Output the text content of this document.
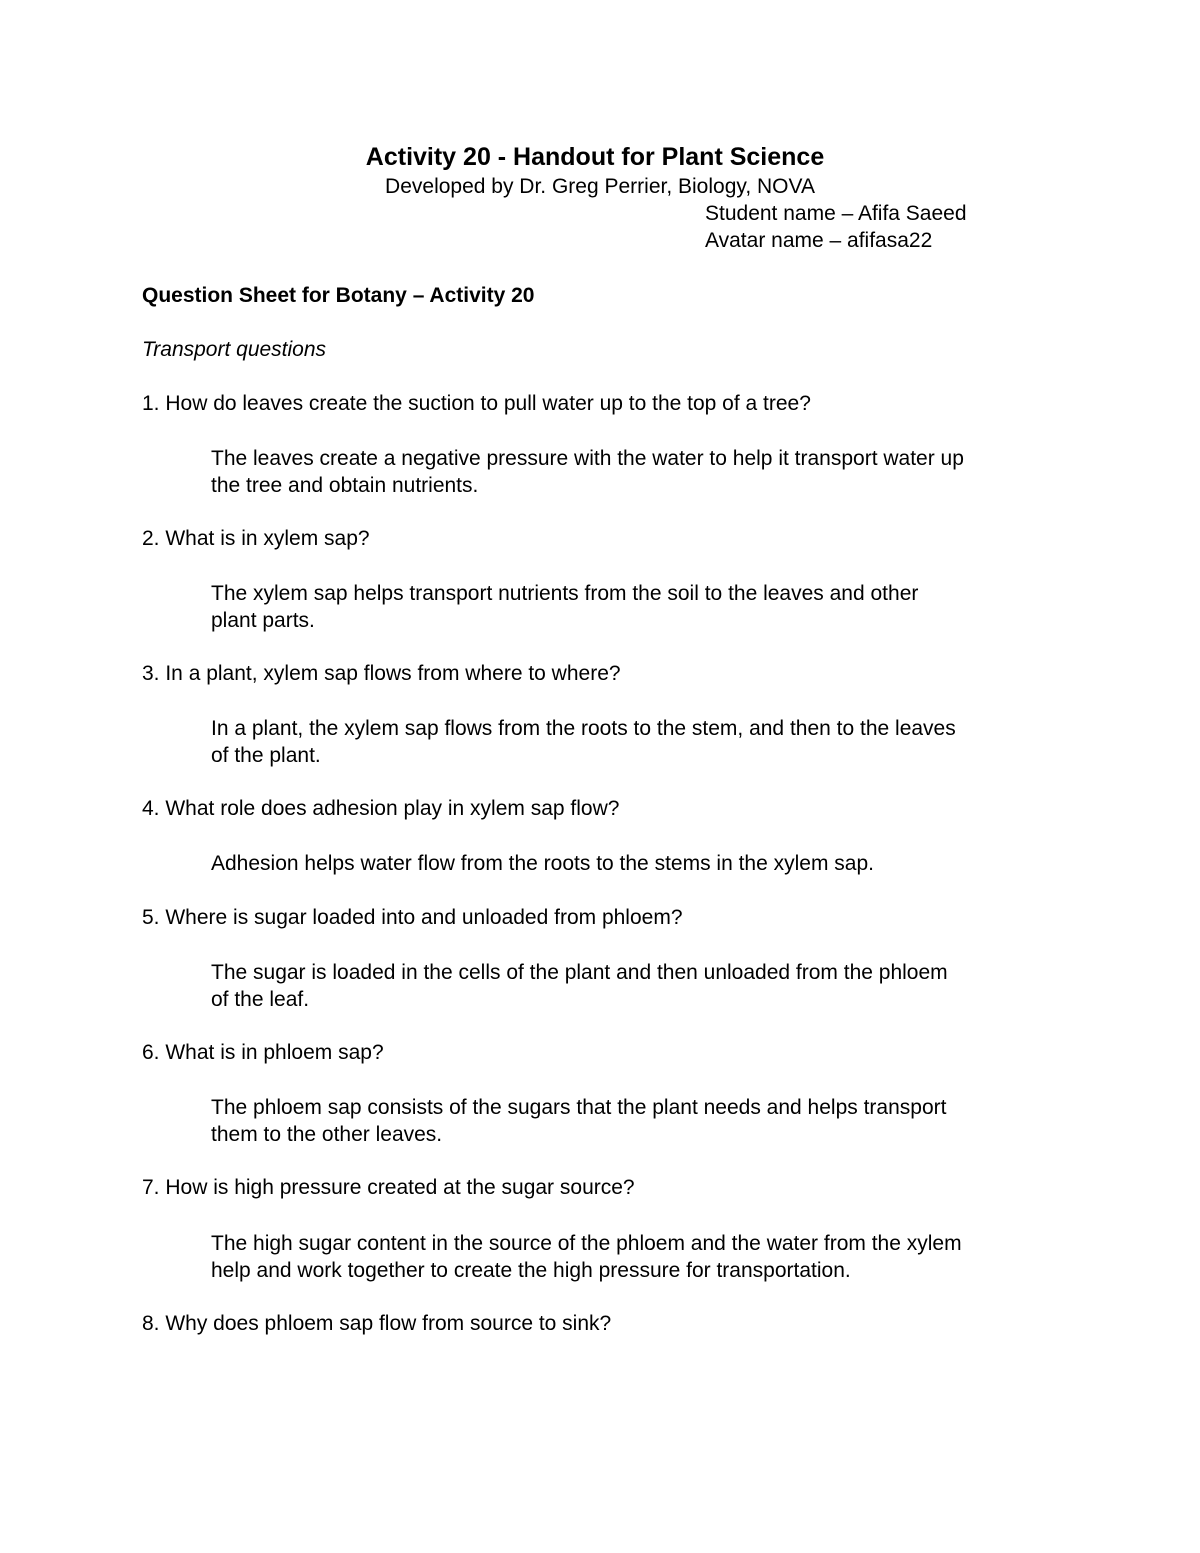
Activity 20 - Handout for Plant Science
Developed by Dr. Greg Perrier, Biology, NOVA
Student name – Afifa Saeed
Avatar name – afifasa22
Question Sheet for Botany – Activity 20
Transport questions
1. How do leaves create the suction to pull water up to the top of a tree?
The leaves create a negative pressure with the water to help it transport water up
the tree and obtain nutrients.
2. What is in xylem sap?
The xylem sap helps transport nutrients from the soil to the leaves and other
plant parts.
3. In a plant, xylem sap flows from where to where?
In a plant, the xylem sap flows from the roots to the stem, and then to the leaves
of the plant.
4. What role does adhesion play in xylem sap flow?
Adhesion helps water flow from the roots to the stems in the xylem sap.
5. Where is sugar loaded into and unloaded from phloem?
The sugar is loaded in the cells of the plant and then unloaded from the phloem
of the leaf.
6. What is in phloem sap?
The phloem sap consists of the sugars that the plant needs and helps transport
them to the other leaves.
7. How is high pressure created at the sugar source?
The high sugar content in the source of the phloem and the water from the xylem
help and work together to create the high pressure for transportation.
8. Why does phloem sap flow from source to sink?
